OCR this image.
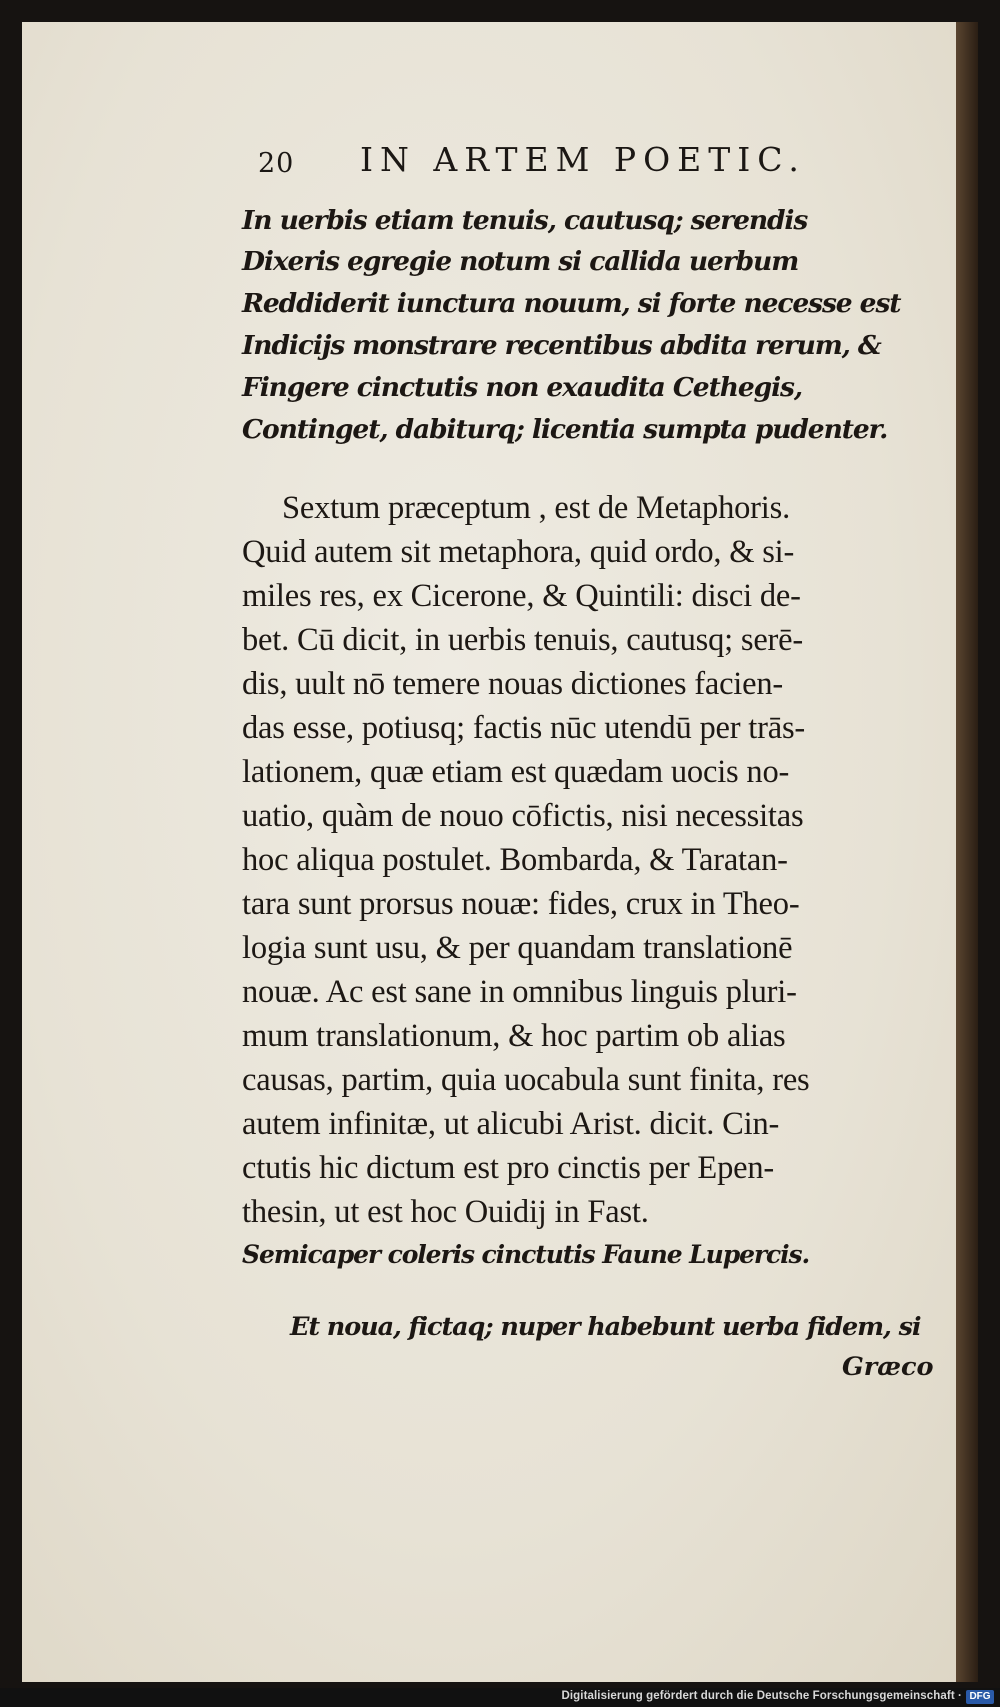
20 IN ARTEM POETIC.
In uerbis etiam tenuis, cautusq; serendis
Dixeris egregie notum si callida uerbum
Reddiderit iunctura nouum, si forte necesse est
Indicijs monstrare recentibus abdita rerum, &
Fingere cinctutis non exaudita Cethegis,
Continget, dabiturq; licentia sumpta pudenter.
Sextum præceptum , est de Metaphoris.
Quid autem sit metaphora, quid ordo, & si-
miles res, ex Cicerone, & Quintili: disci de-
bet. Cū dicit, in uerbis tenuis, cautusq; serē-
dis, uult nō temere nouas dictiones facien-
das esse, potiusq; factis nūc utendū per trās-
lationem, quæ etiam est quædam uocis no-
uatio, quàm de nouo cōfictis, nisi necessitas
hoc aliqua postulet. Bombarda, & Taratan-
tara sunt prorsus nouæ: fides, crux in Theo-
logia sunt usu, & per quandam translationē
nouæ. Ac est sane in omnibus linguis pluri-
mum translationum, & hoc partim ob alias
causas, partim, quia uocabula sunt finita, res
autem infinitæ, ut alicubi Arist. dicit. Cin-
ctutis hic dictum est pro cinctis per Epen-
thesin, ut est hoc Ouidij in Fast.
Semicaper coleris cinctutis Faune Lupercis.
Et noua, fictaq; nuper habebunt uerba fidem, si
Græco
Digitalisierung gefördert durch die Deutsche Forschungsgemeinschaft · DFG
